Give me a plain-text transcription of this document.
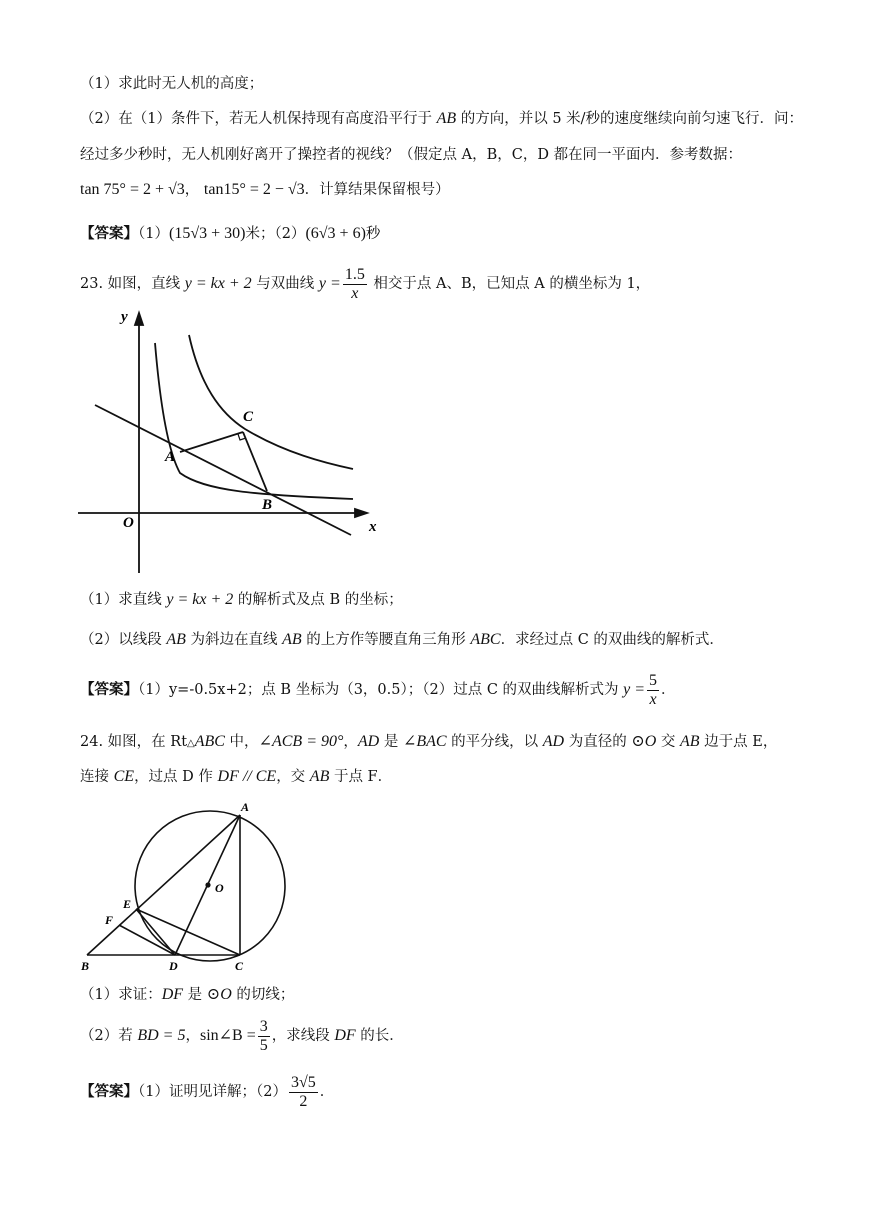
（1）求此时无人机的高度；
（2）在（1）条件下，若无人机保持现有高度沿平行于 AB 的方向，并以 5 米/秒的速度继续向前匀速飞行．问：
经过多少秒时，无人机刚好离开了操控者的视线？（假定点 A，B，C，D 都在同一平面内．参考数据：
tan 75° = 2 + √3， tan15° = 2 − √3．计算结果保留根号）
【答案】（1）(15√3 + 30)米；（2）(6√3 + 6)秒
23. 如图，直线 y = kx + 2 与双曲线 $y = \frac{1.5}{x}$ 相交于点 A、B，已知点 A 的横坐标为 1，
y
x
O
A
B
C
（1）求直线 y = kx + 2 的解析式及点 B 的坐标；
（2）以线段 AB 为斜边在直线 AB 的上方作等腰直角三角形 ABC．求经过点 C 的双曲线的解析式．
【答案】（1）y=-0.5x+2；点 B 坐标为（3，0.5）；（2）过点 C 的双曲线解析式为 $y = \frac{5}{x}$ ．
24. 如图，在 Rt△ABC 中，∠ACB = 90°，AD 是 ∠BAC 的平分线，以 AD 为直径的 ⊙O 交 AB 边于点 E，
连接 CE，过点 D 作 DF // CE，交 AB 于点 F．
A
B	C
D
E
F
O
（1）求证：DF 是 ⊙O 的切线；
（2）若 BD = 5，sin∠B = $\frac{3}{5}$ ，求线段 DF 的长．
【答案】（1）证明见详解；$(2) \frac{3√5}{2}$ ．
